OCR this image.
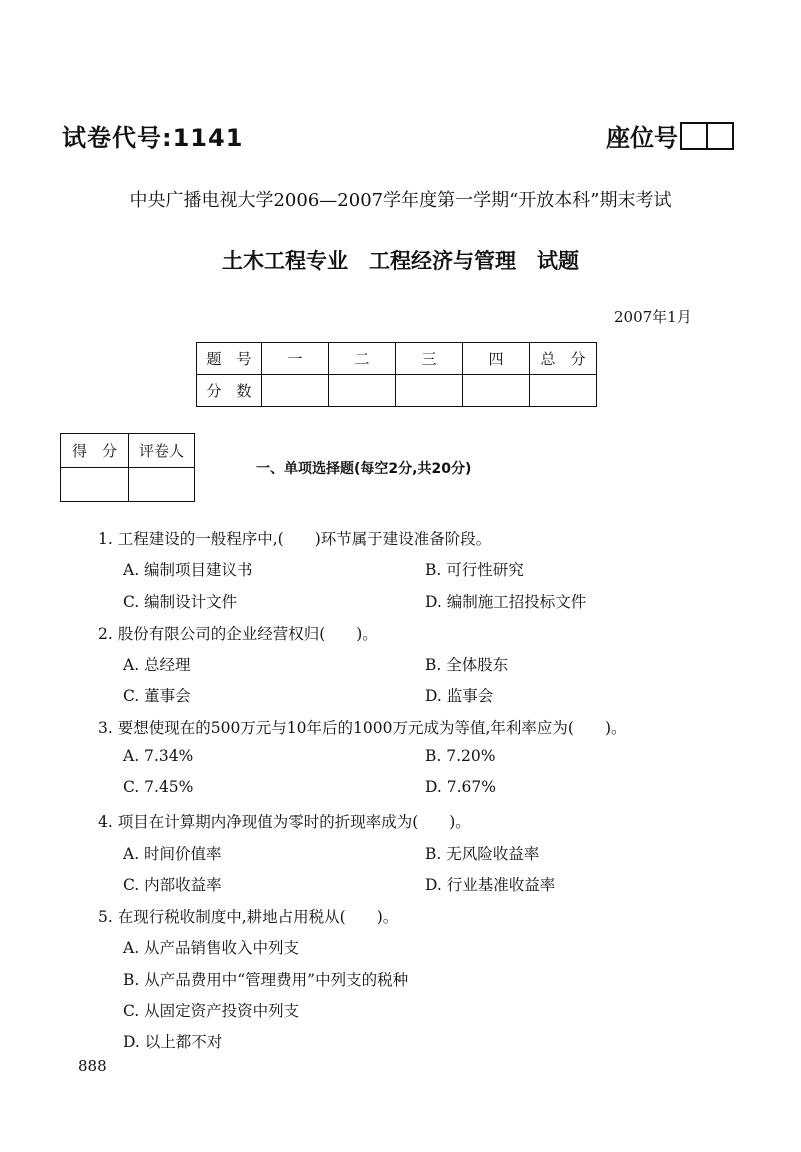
试卷代号:1141	座位号
中央广播电视大学2006—2007学年度第一学期“开放本科”期末考试
土木工程专业　工程经济与管理　试题
2007年1月
题　号	一	二	三	四	总　分
分　数					
得　分	评卷人

一、单项选择题(每空2分,共20分)
1. 工程建设的一般程序中,(　　)环节属于建设准备阶段。
A. 编制项目建议书	B. 可行性研究
C. 编制设计文件	D. 编制施工招投标文件
2. 股份有限公司的企业经营权归(　　)。
A. 总经理	B. 全体股东
C. 董事会	D. 监事会
3. 要想使现在的500万元与10年后的1000万元成为等值,年利率应为(　　)。
A. 7.34%	B. 7.20%
C. 7.45%	D. 7.67%
4. 项目在计算期内净现值为零时的折现率成为(　　)。
A. 时间价值率	B. 无风险收益率
C. 内部收益率	D. 行业基准收益率
5. 在现行税收制度中,耕地占用税从(　　)。
A. 从产品销售收入中列支
B. 从产品费用中“管理费用”中列支的税种
C. 从固定资产投资中列支
D. 以上都不对
888
